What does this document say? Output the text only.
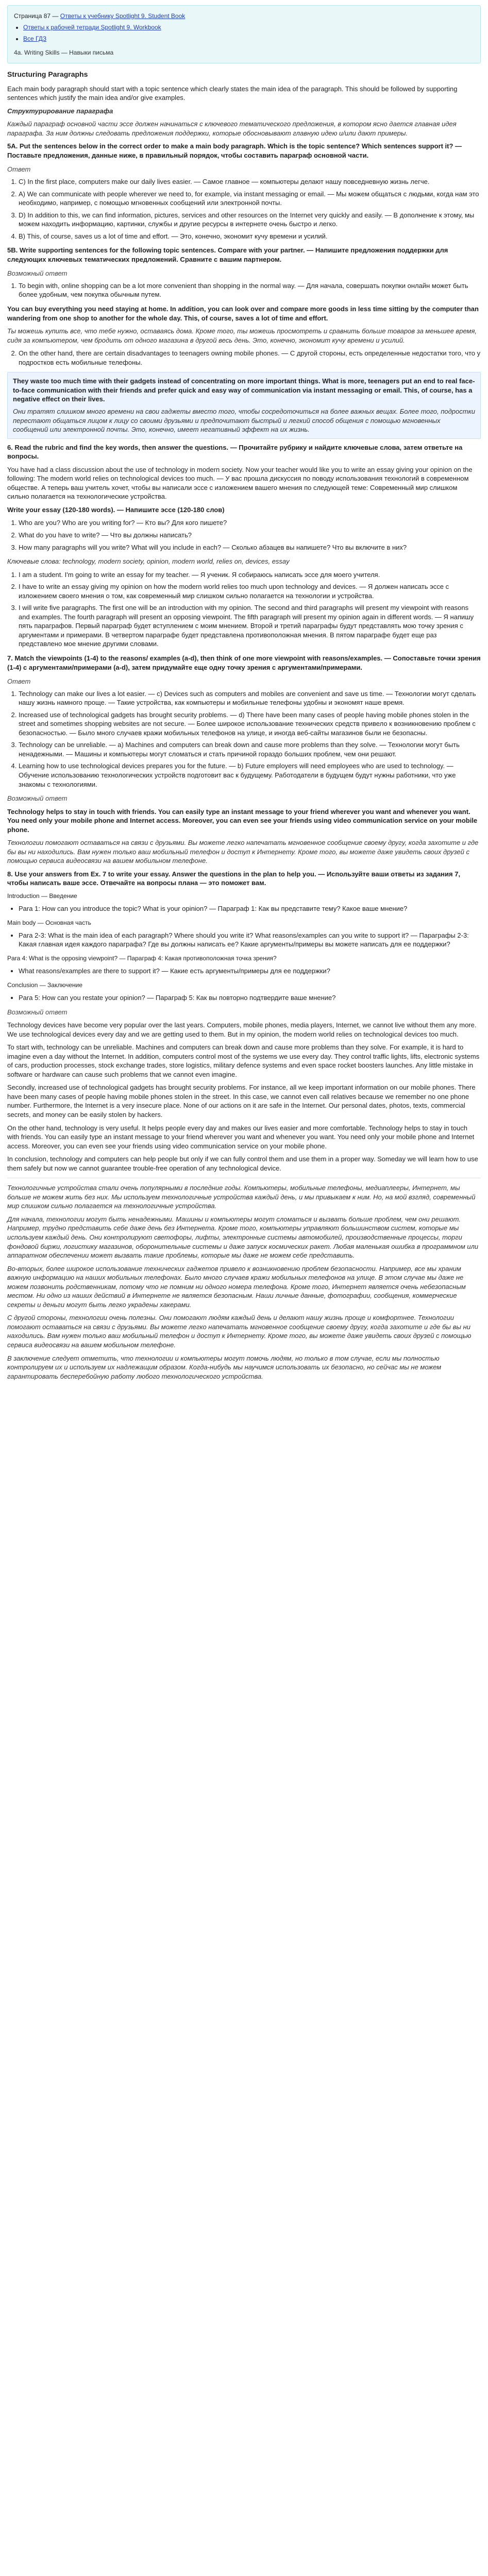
Страница 87 — Ответы к учебнику Spotlight 9. Student Book
• Ответы к рабочей тетради Spotlight 9. Workbook
• Все ГДЗ
4a. Writing Skills — Навыки письма
Structuring Paragraphs

Each main body paragraph should start with a topic sentence which clearly states the main idea of the paragraph. This should be followed by supporting sentences which justify the main idea and/or give examples.

Структурирование параграфа

Каждый параграф основной части эссе должен начинаться с ключевого тематического предложения, в котором ясно дается главная идея параграфа. За ним должны следовать предложения поддержки, которые обосновывают главную идею и/или дают примеры.

5A. Put the sentences below in the correct order to make a main body paragraph. Which is the topic sentence? Which sentences support it? — Поставьте предложения, данные ниже, в правильный порядок, чтобы составить параграф основной части.

Ответ
1. C) In the first place, computers make our daily lives easier. — Самое главное — компьютеры делают нашу повседневную жизнь легче.
2. A) We can communicate with people wherever we need to, for example, via instant messaging or email. — Мы можем общаться с людьми, когда нам это необходимо, например, с помощью мгновенных сообщений или электронной почты.
3. D) In addition to this, we can find information, pictures, services and other resources on the Internet very quickly and easily. — В дополнение к этому, мы можем находить информацию, картинки, службы и другие ресурсы в интернете очень быстро и легко.
4. B) This, of course, saves us a lot of time and effort. — Это, конечно, экономит кучу времени и усилий.

5B. Write supporting sentences for the following topic sentences. Compare with your partner. — Напишите предложения поддержки для следующих ключевых тематических предложений. Сравните с вашим партнером.

Возможный ответ
1. To begin with, online shopping can be a lot more convenient than shopping in the normal way. — Для начала, совершать покупки онлайн может быть более удобным, чем покупка обычным путем.

You can buy everything you need staying at home. In addition, you can look over and compare more goods in less time sitting by the computer than wandering from one shop to another for the whole day. This, of course, saves a lot of time and effort.

Ты можешь купить все, что тебе нужно, оставаясь дома. Кроме того, ты можешь просмотреть и сравнить больше товаров за меньшее время, сидя за компьютером, чем бродить от одного магазина в другой весь день. Это, конечно, экономит кучу времени и усилий.

2. On the other hand, there are certain disadvantages to teenagers owning mobile phones. — С другой стороны, есть определенные недостатки того, что у подростков есть мобильные телефоны.

They waste too much time with their gadgets instead of concentrating on more important things. What is more, teenagers put an end to real face-to-face communication with their friends and prefer quick and easy way of communication via instant messaging or email. This, of course, has a negative effect on their lives.

Они тратят слишком много времени на свои гаджеты вместо того, чтобы сосредоточиться на более важных вещах. Более того, подростки перестают общаться лицом к лицу со своими друзьями и предпочитают быстрый и легкий способ общения с помощью мгновенных сообщений или электронной почты. Это, конечно, имеет негативный эффект на их жизнь.

6. Read the rubric and find the key words, then answer the questions. — Прочитайте рубрику и найдите ключевые слова, затем ответьте на вопросы.

You have had a class discussion about the use of technology in modern society. Now your teacher would like you to write an essay giving your opinion on the following: The modern world relies on technological devices too much. — У вас прошла дискуссия по поводу использования технологий в современном обществе. А теперь ваш учитель хочет, чтобы вы написали эссе с изложением вашего мнения по следующей теме: Современный мир слишком сильно полагается на технологические устройства.

Write your essay (120-180 words). — Напишите эссе (120-180 слов)

1. Who are you? Who are you writing for? — Кто вы? Для кого пишете?
2. What do you have to write? — Что вы должны написать?
3. How many paragraphs will you write? What will you include in each? — Сколько абзацев вы напишете? Что вы включите в них?

Ключевые слова: technology, modern society, opinion, modern world, relies on, devices, essay

1. I am a student. I'm going to write an essay for my teacher. — Я ученик. Я собираюсь написать эссе для моего учителя.
2. I have to write an essay giving my opinion on how the modern world relies too much upon technology and devices. — Я должен написать эссе с изложением своего мнения о том, как современный мир слишком сильно полагается на технологии и устройства.
3. I will write five paragraphs. The first one will be an introduction with my opinion. The second and third paragraphs will present my viewpoint with reasons and examples. The fourth paragraph will present an opposing viewpoint. The fifth paragraph will present my opinion again in different words. — Я напишу пять параграфов. Первый параграф будет вступлением с моим мнением. Второй и третий параграфы будут представлять мою точку зрения с аргументами и примерами. В четвертом параграфе будет представлена противоположная мнения. В пятом параграфе будет еще раз представлено мое мнение другими словами.

7. Match the viewpoints (1-4) to the reasons/ examples (a-d), then think of one more viewpoint with reasons/examples. — Сопоставьте точки зрения (1-4) с аргументами/примерами (a-d), затем придумайте еще одну точку зрения с аргументами/примерами.

Ответ
1. Technology can make our lives a lot easier. — c) Devices such as computers and mobiles are convenient and save us time. — Технологии могут сделать нашу жизнь намного проще. — Такие устройства, как компьютеры и мобильные телефоны удобны и экономят наше время.
2. Increased use of technological gadgets has brought security problems. — d) There have been many cases of people having mobile phones stolen in the street and sometimes shopping websites are not secure. — Более широкое использование технических средств привело к возникновению проблем с безопасностью. — Было много случаев кражи мобильных телефонов на улице, и иногда веб-сайты магазинов были не безопасны.
3. Technology can be unreliable. — a) Machines and computers can break down and cause more problems than they solve. — Технологии могут быть ненадежными. — Машины и компьютеры могут сломаться и стать причиной гораздо больших проблем, чем они решают.
4. Learning how to use technological devices prepares you for the future. — b) Future employers will need employees who are used to technology. — Обучение использованию технологических устройств подготовит вас к будущему. Работодатели в будущем будут нужны работники, что уже знакомы с технологиями.
Возможный ответ

Technology helps to stay in touch with friends. You can easily type an instant message to your friend wherever you want and whenever you want. You need only your mobile phone and Internet access. Moreover, you can even see your friends using video communication service on your mobile phone.

Технологии помогают оставаться на связи с друзьями. Вы можете легко напечатать мгновенное сообщение своему другу, когда захотите и где бы вы ни находились. Вам нужен только ваш мобильный телефон и доступ к Интернету. Кроме того, вы можете даже увидеть своих друзей с помощью сервиса видеосвязи на вашем мобильном телефоне.

8. Use your answers from Ex. 7 to write your essay. Answer the questions in the plan to help you. — Используйте ваши ответы из задания 7, чтобы написать ваше эссе. Отвечайте на вопросы плана — это поможет вам.

Introduction — Введение

• Para 1: How can you introduce the topic? What is your opinion? — Параграф 1: Как вы представите тему? Какое ваше мнение?

Main body — Основная часть

• Para 2-3: What is the main idea of each paragraph? Where should you write it? What reasons/examples can you write to support it? — Параграфы 2-3: Какая главная идея каждого параграфа? Где вы должны написать ее? Какие аргументы/примеры вы можете написать для ее поддержки?

Para 4: What is the opposing viewpoint? — Параграф 4: Какая противоположная точка зрения?

• What reasons/examples are there to support it? — Какие есть аргументы/примеры для ее поддержки?

Conclusion — Заключение

• Para 5: How can you restate your opinion? — Параграф 5: Как вы повторно подтвердите ваше мнение?
Возможный ответ

Technology devices have become very popular over the last years. Computers, mobile phones, media players, Internet, we cannot live without them any more. We use technological devices every day and we are getting used to them. But in my opinion, the modern world relies on technological devices too much.

To start with, technology can be unreliable. Machines and computers can break down and cause more problems than they solve. For example, it is hard to imagine even a day without the Internet. In addition, computers control most of the systems we use every day. They control traffic lights, lifts, electronic systems of cars, production processes, stock exchange trades, store logistics, military defence systems and even space rocket boosters launches. Any little mistake in software or hardware can cause such problems that we cannot even imagine.

Secondly, increased use of technological gadgets has brought security problems. For instance, all we keep important information on our mobile phones. There have been many cases of people having mobile phones stolen in the street. In this case, we cannot even call relatives because we remember no one phone number. Furthermore, the Internet is a very insecure place. None of our actions on it are safe in the Internet. Our personal dates, photos, texts, commercial secrets, and money can be easily stolen by hackers.

On the other hand, technology is very useful. It helps people every day and makes our lives easier and more comfortable. Technology helps to stay in touch with friends. You can easily type an instant message to your friend wherever you want and whenever you want. You need only your mobile phone and Internet access. Moreover, you can even see your friends using video communication service on your mobile phone.

In conclusion, technology and computers can help people but only if we can fully control them and use them in a proper way. Someday we will learn how to use them safely but now we cannot guarantee trouble-free operation of any technological device.

Технологичные устройства стали очень популярными в последние годы. Компьютеры, мобильные телефоны, медиаплееры, Интернет, мы больше не можем жить без них. Мы используем технологичные устройства каждый день, и мы привыкаем к ним. Но, на мой взгляд, современный мир слишком сильно полагается на технологичные устройства.

Для начала, технологии могут быть ненадежными. Машины и компьютеры могут сломаться и вызвать больше проблем, чем они решают. Например, трудно представить себе даже день без Интернета. Кроме того, компьютеры управляют большинством систем, которые мы используем каждый день. Они контролируют светофоры, лифты, электронные системы автомобилей, производственные процессы, торги фондовой биржи, логистику магазинов, оборонительные системы и даже запуск космических ракет. Любая маленькая ошибка в программном или аппаратном обеспечении может вызвать такие проблемы, которые мы даже не можем себе представить.

Во-вторых, более широкое использование технических гаджетов привело к возникновению проблем безопасности. Например, все мы храним важную информацию на наших мобильных телефонах. Было много случаев кражи мобильных телефонов на улице. В этом случае мы даже не можем позвонить родственникам, потому что не помним ни одного номера телефона. Кроме того, Интернет является очень небезопасным местом. Ни одно из наших действий в Интернете не является безопасным. Наши личные данные, фотографии, сообщения, коммерческие секреты и деньги могут быть легко украдены хакерами.

С другой стороны, технологии очень полезны. Они помогают людям каждый день и делают нашу жизнь проще и комфортнее. Технологии помогают оставаться на связи с друзьями. Вы можете легко напечатать мгновенное сообщение своему другу, когда захотите и где бы вы ни находились. Вам нужен только ваш мобильный телефон и доступ к Интернету. Кроме того, вы можете даже увидеть своих друзей с помощью сервиса видеосвязи на вашем мобильном телефоне.

В заключение следует отметить, что технологии и компьютеры могут помочь людям, но только в том случае, если мы полностью контролируем их и используем их надлежащим образом. Когда-нибудь мы научимся использовать их безопасно, но сейчас мы не можем гарантировать бесперебойную работу любого технологического устройства.
